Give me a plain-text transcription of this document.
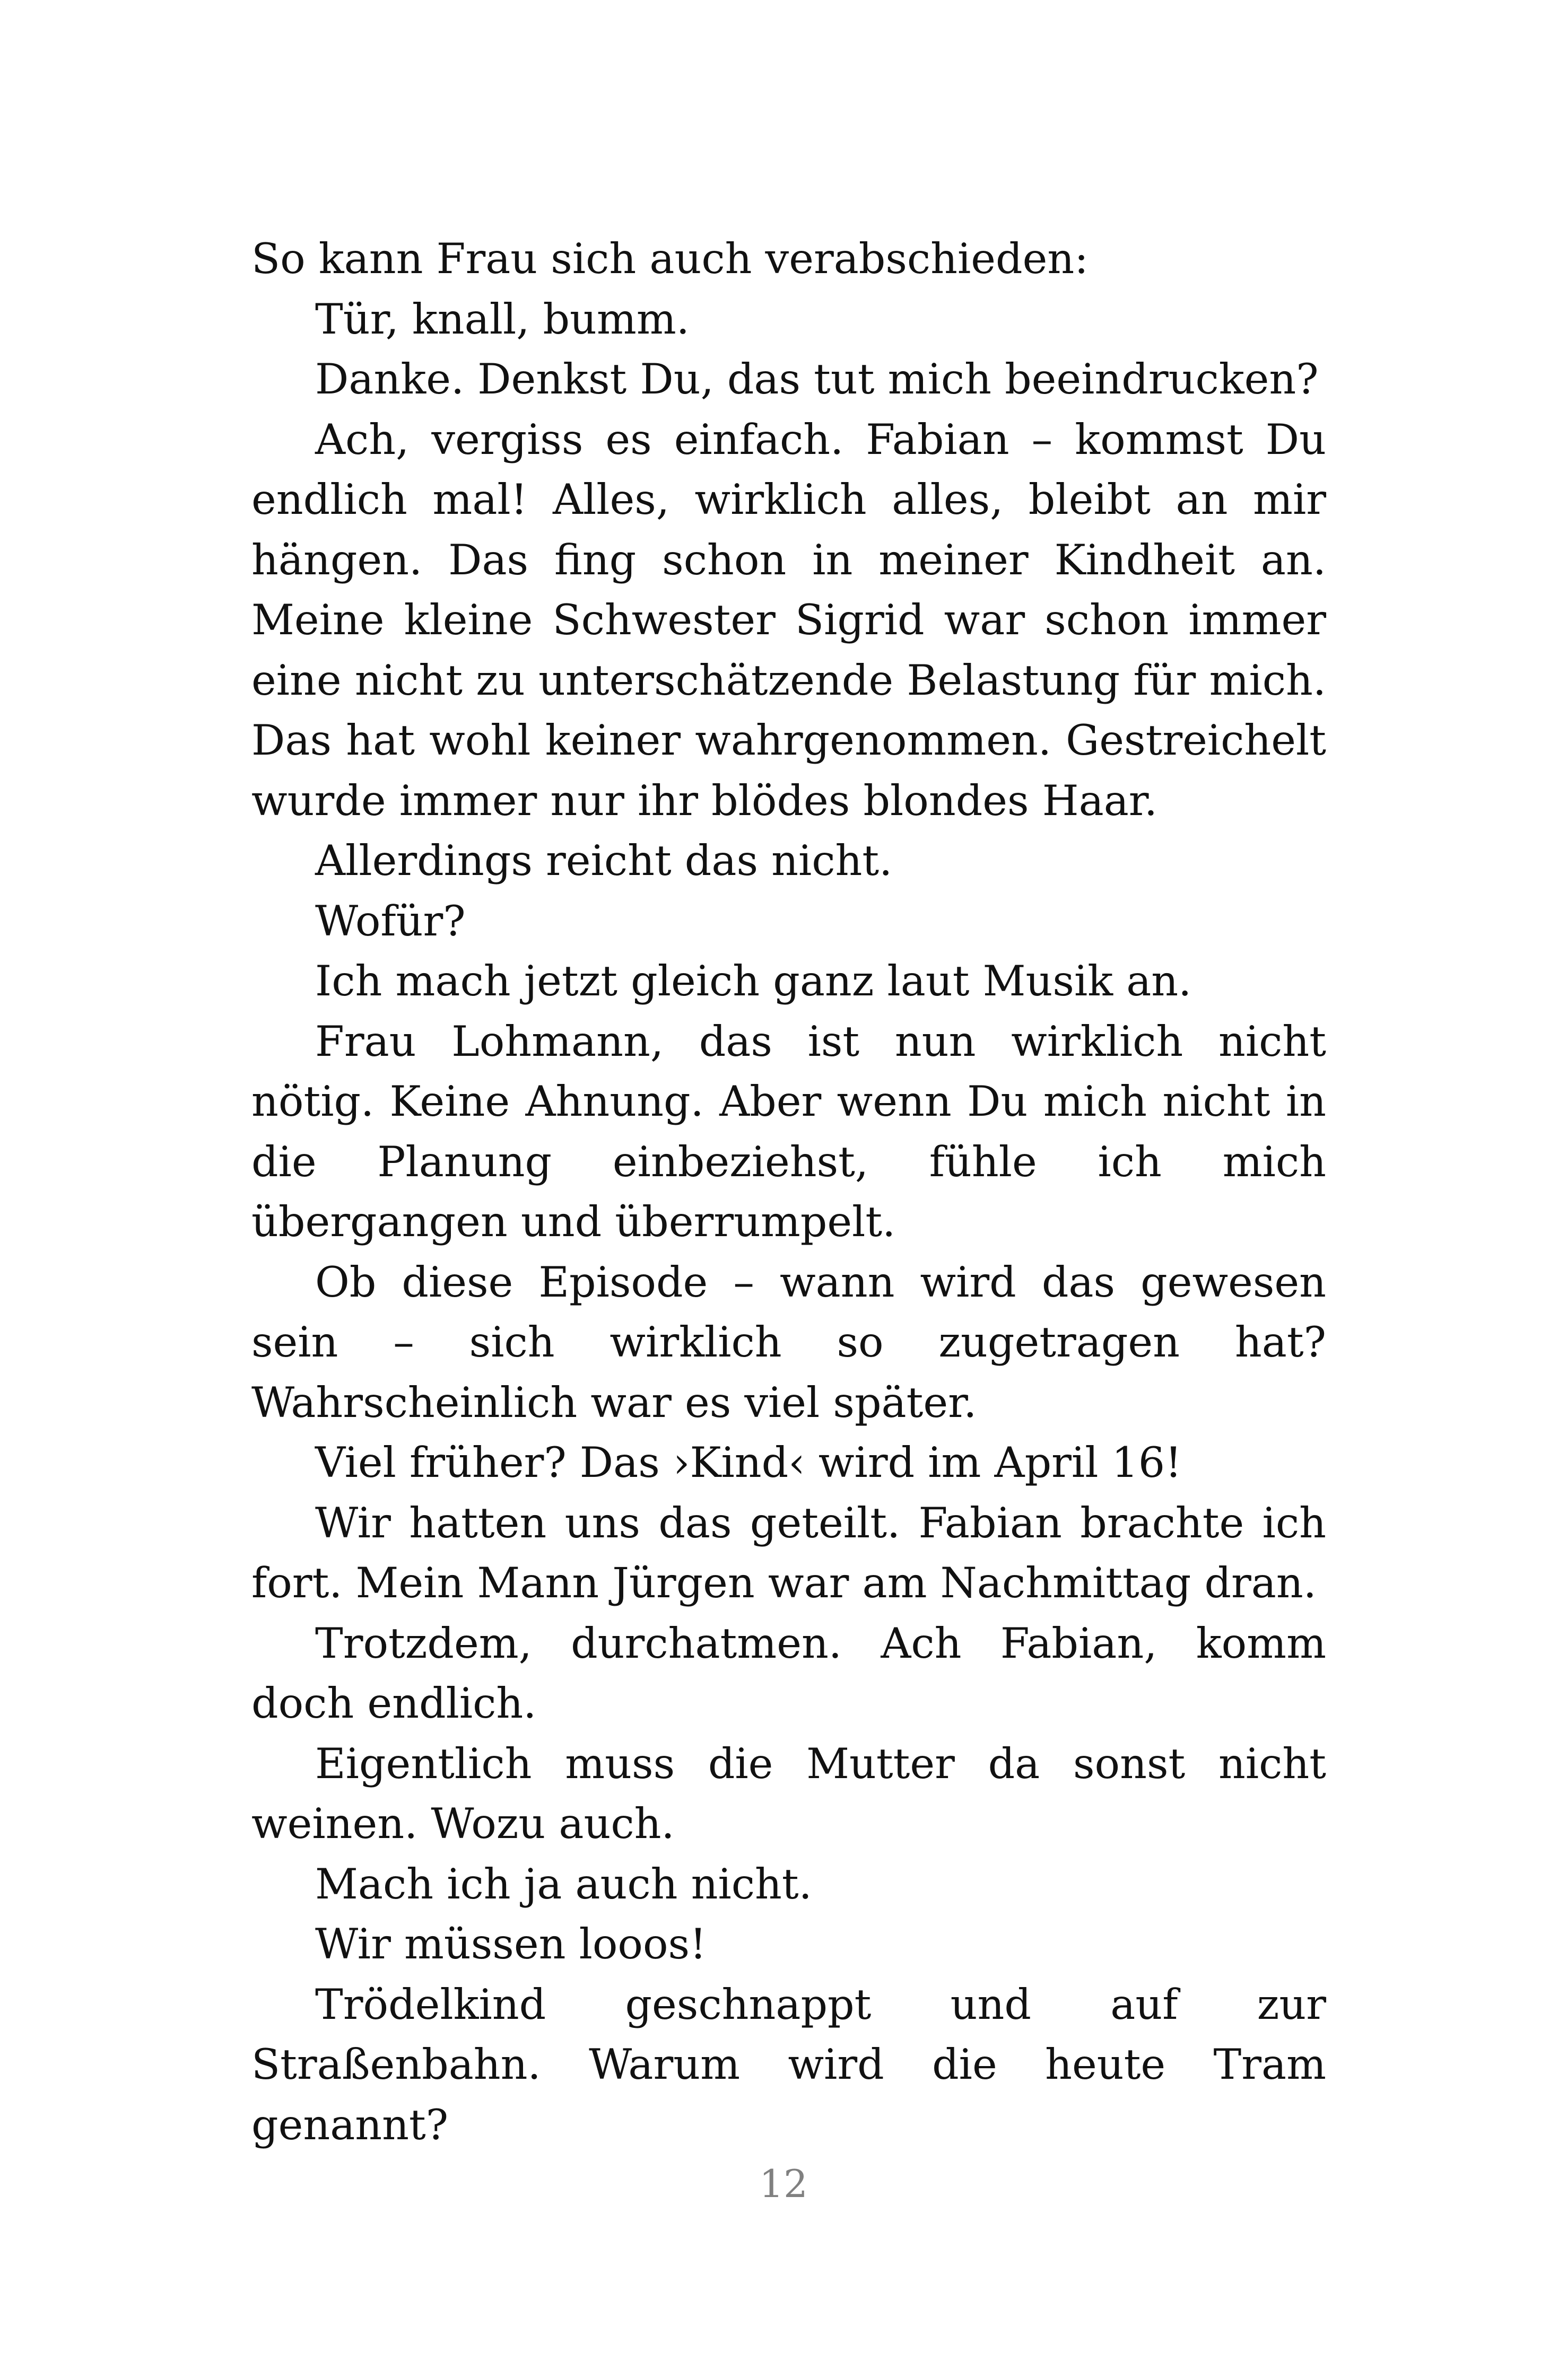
So kann Frau sich auch verabschieden:

Tür, knall, bumm.

Danke. Denkst Du, das tut mich beeindrucken?

Ach, vergiss es einfach. Fabian – kommst Du endlich mal! Alles, wirklich alles, bleibt an mir hängen. Das fing schon in meiner Kindheit an. Meine kleine Schwester Sigrid war schon immer eine nicht zu unterschätzende Belastung für mich. Das hat wohl keiner wahrgenommen. Gestreichelt wurde immer nur ihr blödes blondes Haar.

Allerdings reicht das nicht.

Wofür?

Ich mach jetzt gleich ganz laut Musik an.

Frau Lohmann, das ist nun wirklich nicht nötig. Keine Ahnung. Aber wenn Du mich nicht in die Planung einbeziehst, fühle ich mich übergangen und überrumpelt.

Ob diese Episode – wann wird das gewesen sein – sich wirklich so zugetragen hat? Wahrscheinlich war es viel später.

Viel früher? Das ›Kind‹ wird im April 16!

Wir hatten uns das geteilt. Fabian brachte ich fort. Mein Mann Jürgen war am Nachmittag dran.

Trotzdem, durchatmen. Ach Fabian, komm doch endlich.

Eigentlich muss die Mutter da sonst nicht weinen. Wozu auch.

Mach ich ja auch nicht.

Wir müssen looos!

Trödelkind geschnappt und auf zur Straßenbahn. Warum wird die heute Tram genannt?

12
